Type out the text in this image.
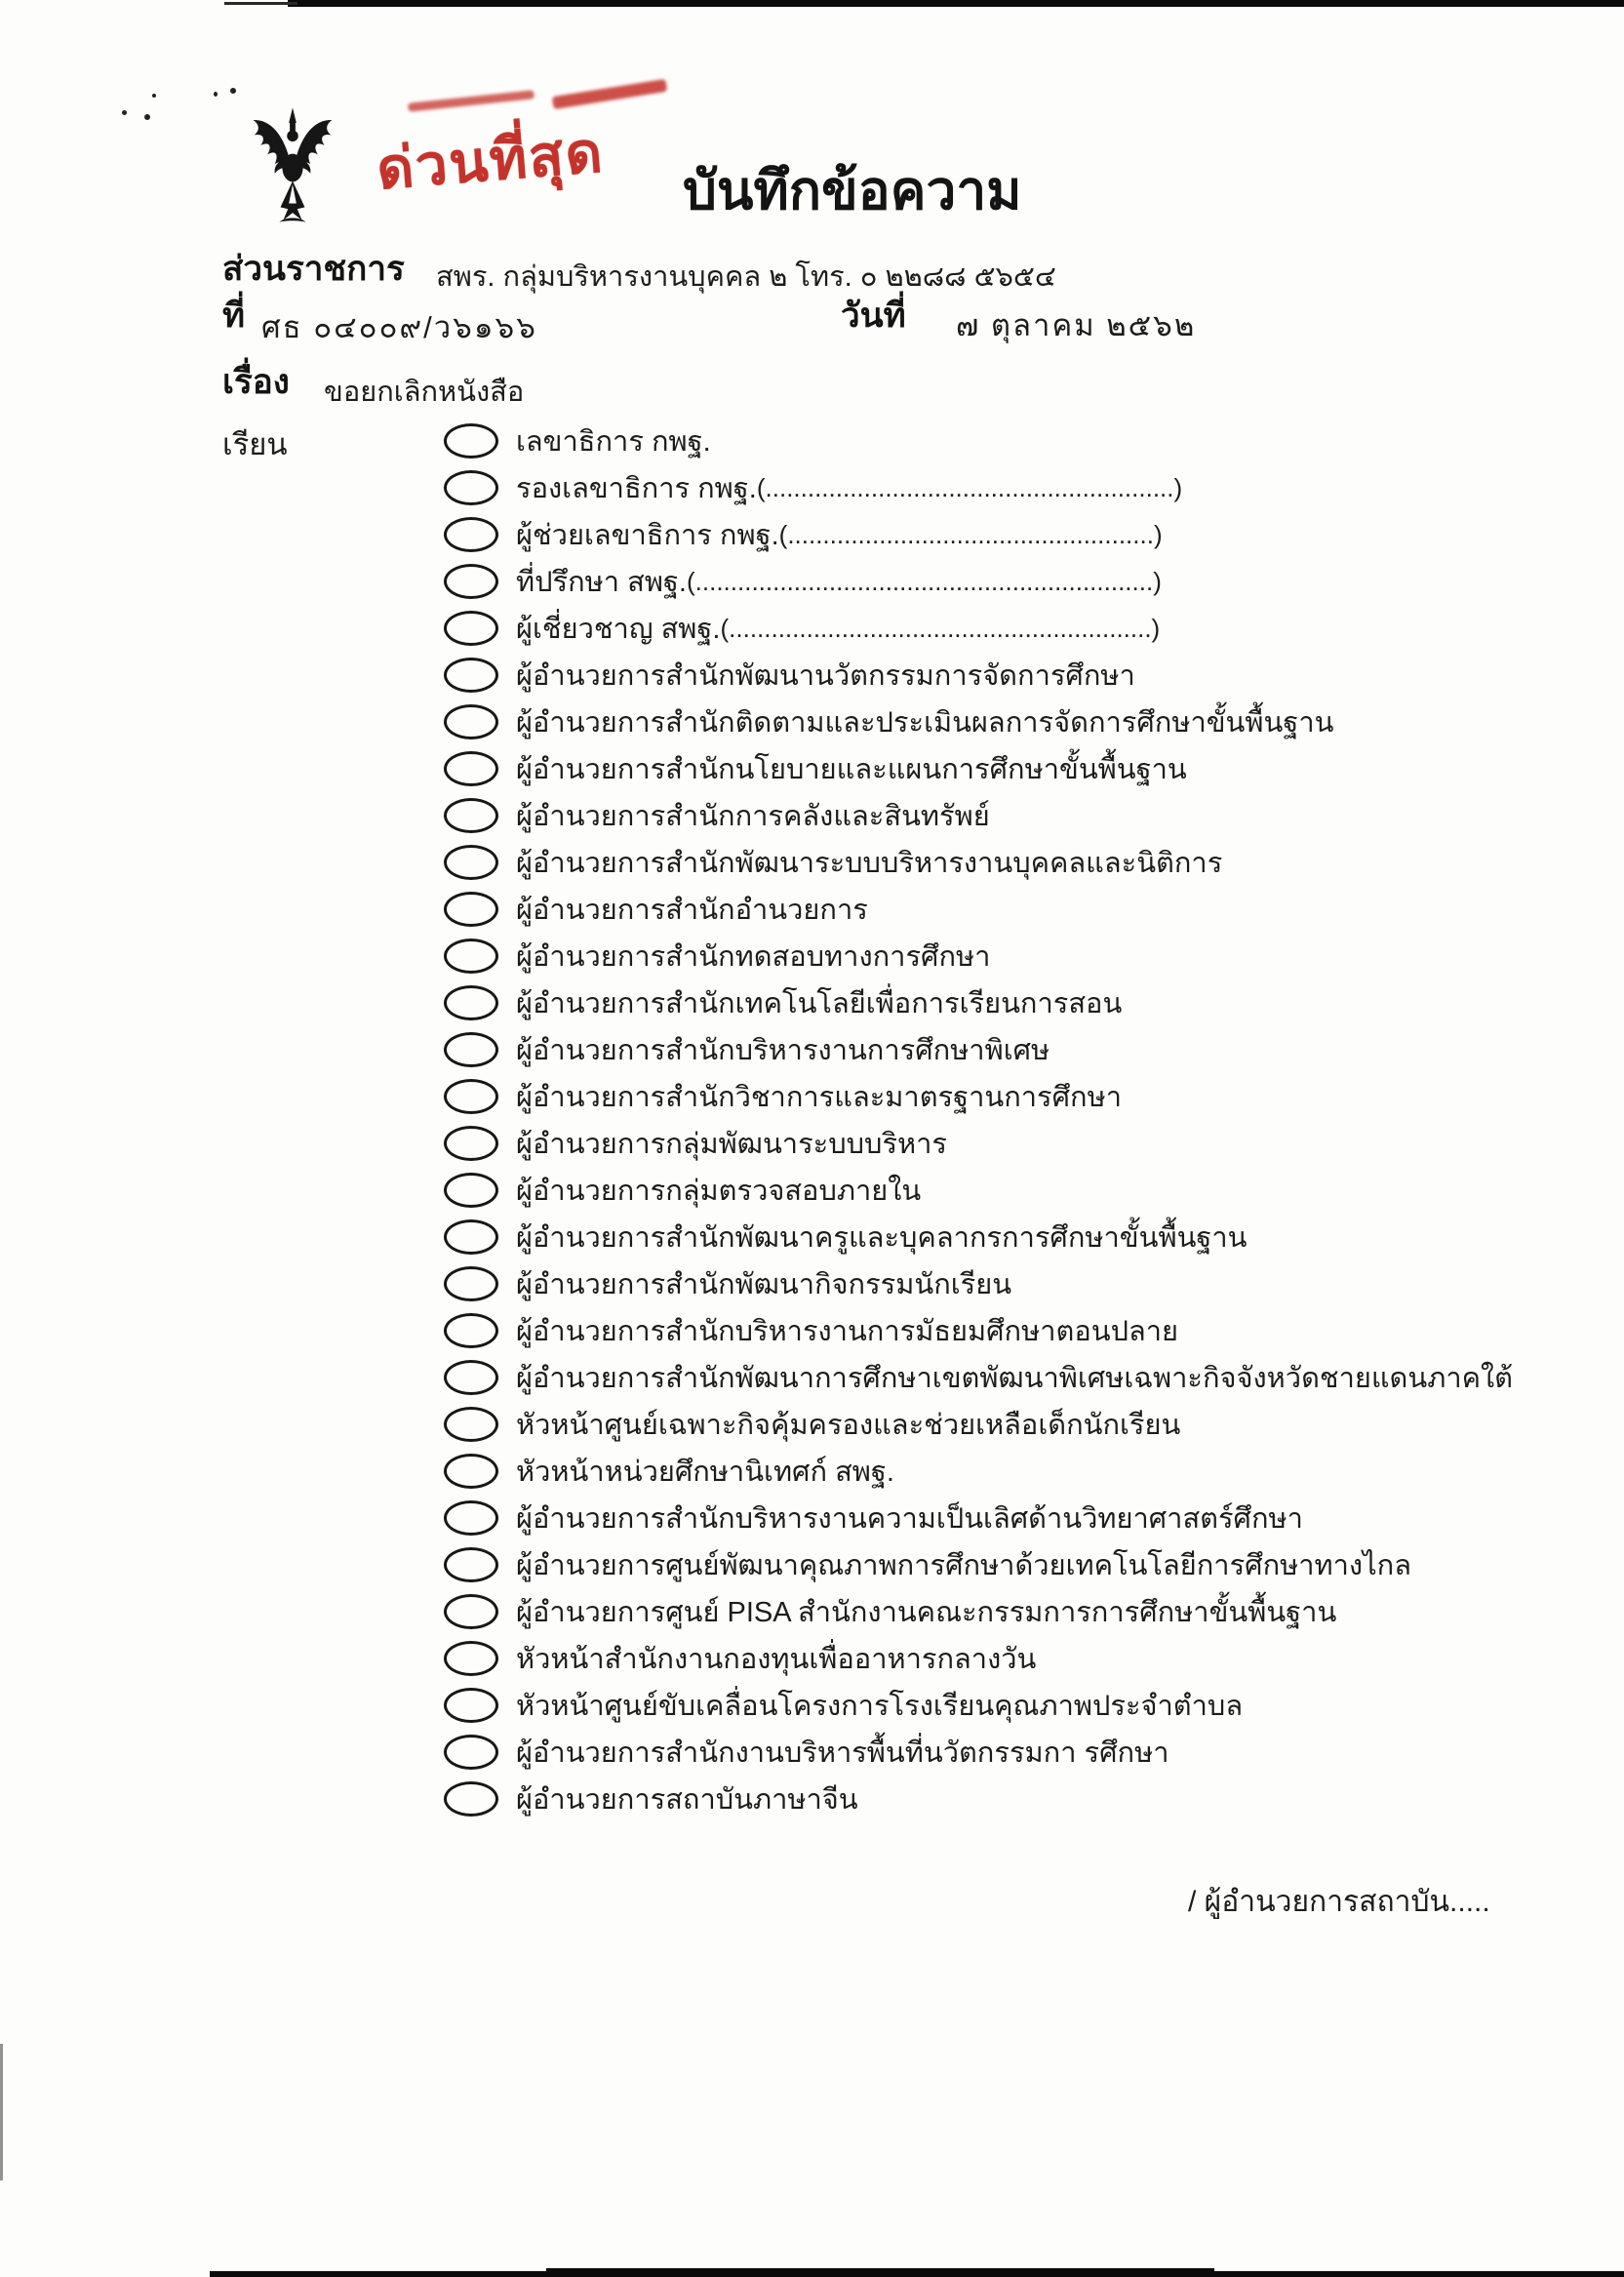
ด่วนที่สุด	บันทึกข้อความ
ส่วนราชการ สพร. กลุ่มบริหารงานบุคคล ๒ โทร. ๐ ๒๒๘๘ ๕๖๕๔
ที่ ศธ ๐๔๐๐๙/ว๖๑๖๖	วันที่ ๗ ตุลาคม ๒๕๖๒
เรื่อง ขอยกเลิกหนังสือ
เรียน	เลขาธิการ กพฐ.
รองเลขาธิการ กพฐ. (..........................................................)
ผู้ช่วยเลขาธิการ กพฐ. (....................................................)
ที่ปรึกษา สพฐ. (.................................................................)
ผู้เชี่ยวชาญ สพฐ. (............................................................)
ผู้อำนวยการสำนักพัฒนานวัตกรรมการจัดการศึกษา
ผู้อำนวยการสำนักติดตามและประเมินผลการจัดการศึกษาขั้นพื้นฐาน
ผู้อำนวยการสำนักนโยบายและแผนการศึกษาขั้นพื้นฐาน
ผู้อำนวยการสำนักการคลังและสินทรัพย์
ผู้อำนวยการสำนักพัฒนาระบบบริหารงานบุคคลและนิติการ
ผู้อำนวยการสำนักอำนวยการ
ผู้อำนวยการสำนักทดสอบทางการศึกษา
ผู้อำนวยการสำนักเทคโนโลยีเพื่อการเรียนการสอน
ผู้อำนวยการสำนักบริหารงานการศึกษาพิเศษ
ผู้อำนวยการสำนักวิชาการและมาตรฐานการศึกษา
ผู้อำนวยการกลุ่มพัฒนาระบบบริหาร
ผู้อำนวยการกลุ่มตรวจสอบภายใน
ผู้อำนวยการสำนักพัฒนาครูและบุคลากรการศึกษาขั้นพื้นฐาน
ผู้อำนวยการสำนักพัฒนากิจกรรมนักเรียน
ผู้อำนวยการสำนักบริหารงานการมัธยมศึกษาตอนปลาย
ผู้อำนวยการสำนักพัฒนาการศึกษาเขตพัฒนาพิเศษเฉพาะกิจจังหวัดชายแดนภาคใต้
หัวหน้าศูนย์เฉพาะกิจคุ้มครองและช่วยเหลือเด็กนักเรียน
หัวหน้าหน่วยศึกษานิเทศก์ สพฐ.
ผู้อำนวยการสำนักบริหารงานความเป็นเลิศด้านวิทยาศาสตร์ศึกษา
ผู้อำนวยการศูนย์พัฒนาคุณภาพการศึกษาด้วยเทคโนโลยีการศึกษาทางไกล
ผู้อำนวยการศูนย์ PISA สำนักงานคณะกรรมการการศึกษาขั้นพื้นฐาน
หัวหน้าสำนักงานกองทุนเพื่ออาหารกลางวัน
หัวหน้าศูนย์ขับเคลื่อนโครงการโรงเรียนคุณภาพประจำตำบล
ผู้อำนวยการสำนักงานบริหารพื้นที่นวัตกรรมกา รศึกษา
ผู้อำนวยการสถาบันภาษาจีน
/ ผู้อำนวยการสถาบัน.....
